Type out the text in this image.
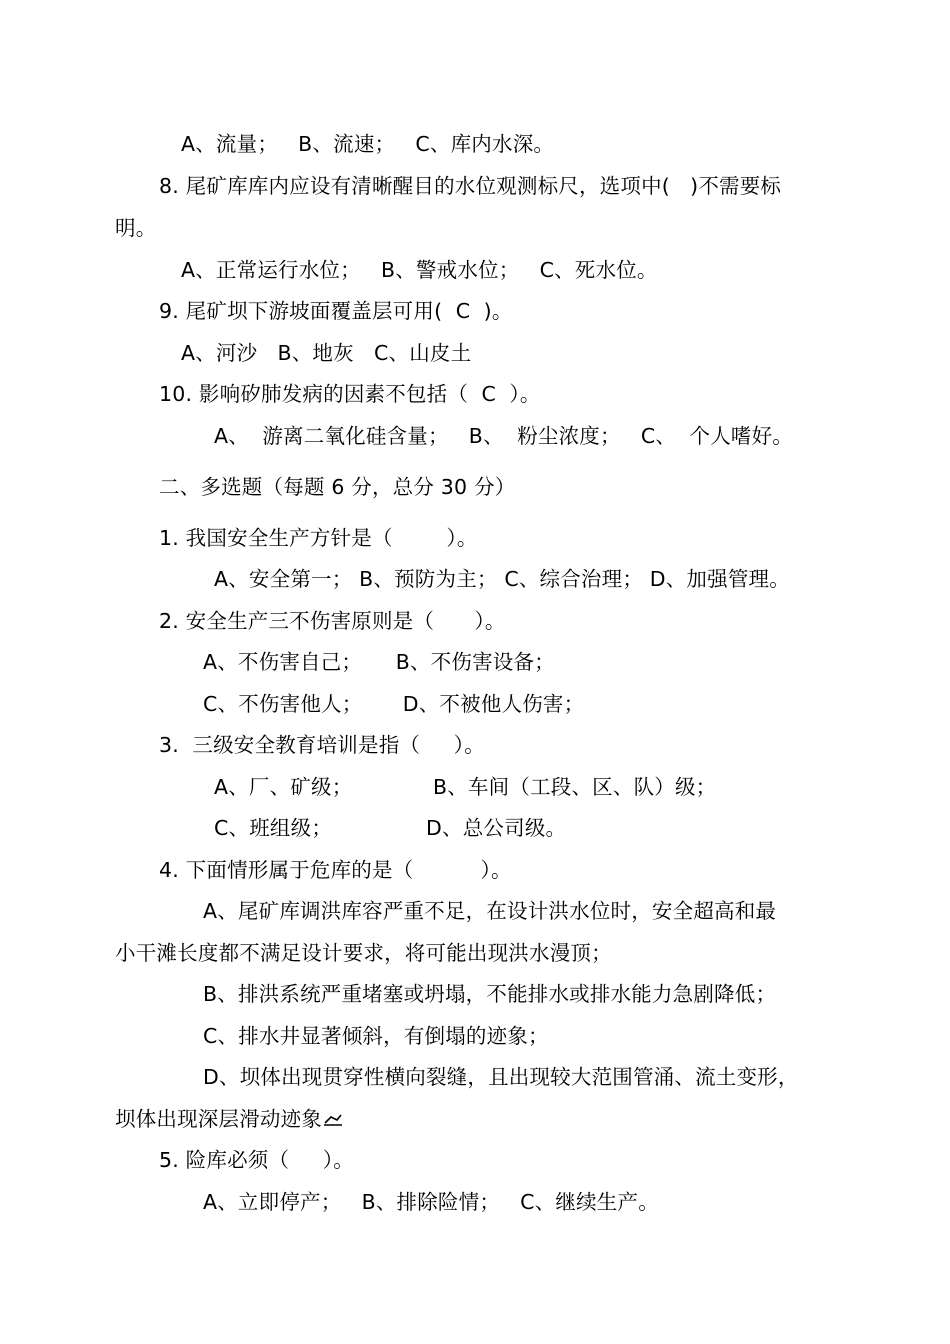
A、流量；   B、流速；   C、库内水深。
8. 尾矿库库内应设有清晰醒目的水位观测标尺，选项中(   )不需要标
明。
A、正常运行水位；   B、警戒水位；   C、死水位。
9. 尾矿坝下游坡面覆盖层可用(  C  )。
A、河沙   B、地灰   C、山皮土
10. 影响矽肺发病的因素不包括（  C  ）。
A、  游离二氧化硅含量；   B、  粉尘浓度；   C、  个人嗜好。
二、多选题（每题 6 分，总分 30 分）
1. 我国安全生产方针是（        ）。
A、安全第一； B、预防为主； C、综合治理； D、加强管理。
2. 安全生产三不伤害原则是（      ）。
A、不伤害自己；     B、不伤害设备；
C、不伤害他人；      D、不被他人伤害；
3.  三级安全教育培训是指（     ）。
A、厂、矿级；            B、车间（工段、区、队）级；
C、班组级；              D、总公司级。
4. 下面情形属于危库的是（          ）。
A、尾矿库调洪库容严重不足，在设计洪水位时，安全超高和最
小干滩长度都不满足设计要求，将可能出现洪水漫顶；
B、排洪系统严重堵塞或坍塌，不能排水或排水能力急剧降低；
C、排水井显著倾斜，有倒塌的迹象；
D、坝体出现贯穿性横向裂缝，且出现较大范围管涌、流土变形，
坝体出现深层滑动迹象
5. 险库必须（     ）。
A、立即停产；   B、排除险情；   C、继续生产。
